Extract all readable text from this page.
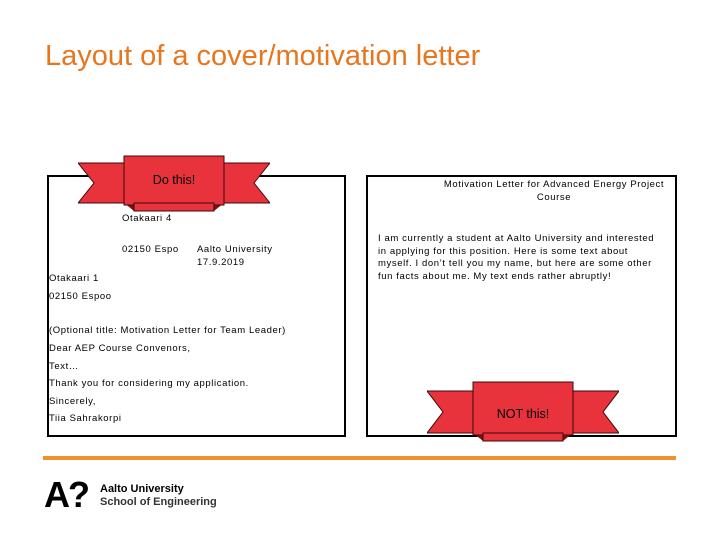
Layout of a cover/motivation letter
Otakaari 4
02150 Espo Aalto University
17.9.2019
Otakaari 1
02150 Espoo
(Optional title: Motivation Letter for Team Leader)
Dear AEP Course Convenors,
Text…
Thank you for considering my application.
Sincerely,
Tiia Sahrakorpi
Motivation Letter for Advanced Energy Project Course
I am currently a student at Aalto University and interested in applying for this position. Here is some text about myself. I don’t tell you my name, but here are some other fun facts about me. My text ends rather abruptly!
Do this!
NOT this!
A? Aalto University
School of Engineering
